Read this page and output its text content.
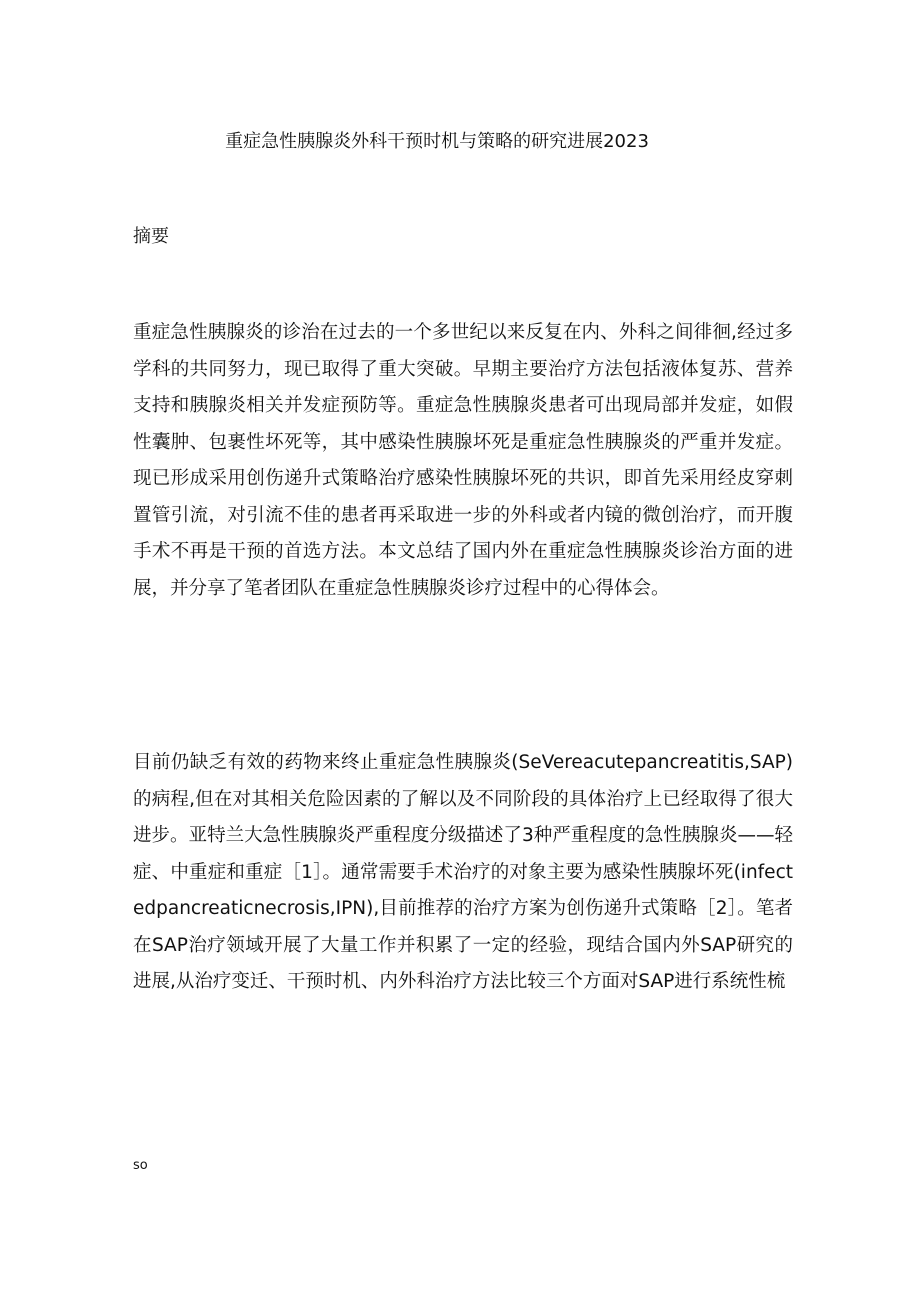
重症急性胰腺炎外科干预时机与策略的研究进展2023
摘要
重症急性胰腺炎的诊治在过去的一个多世纪以来反复在内、外科之间徘徊,经过多学科的共同努力，现已取得了重大突破。早期主要治疗方法包括液体复苏、营养支持和胰腺炎相关并发症预防等。重症急性胰腺炎患者可出现局部并发症，如假性囊肿、包裹性坏死等，其中感染性胰腺坏死是重症急性胰腺炎的严重并发症。现已形成采用创伤递升式策略治疗感染性胰腺坏死的共识，即首先采用经皮穿刺置管引流，对引流不佳的患者再采取进一步的外科或者内镜的微创治疗，而开腹手术不再是干预的首选方法。本文总结了国内外在重症急性胰腺炎诊治方面的进展，并分享了笔者团队在重症急性胰腺炎诊疗过程中的心得体会。
目前仍缺乏有效的药物来终止重症急性胰腺炎(SeVereacutepancreatitis,SAP)的病程,但在对其相关危险因素的了解以及不同阶段的具体治疗上已经取得了很大进步。亚特兰大急性胰腺炎严重程度分级描述了3种严重程度的急性胰腺炎——轻症、中重症和重症［1］。通常需要手术治疗的对象主要为感染性胰腺坏死(infectedpancreaticnecrosis,IPN),目前推荐的治疗方案为创伤递升式策略［2］。笔者在SAP治疗领域开展了大量工作并积累了一定的经验，现结合国内外SAP研究的进展,从治疗变迁、干预时机、内外科治疗方法比较三个方面对SAP进行系统性梳
so
